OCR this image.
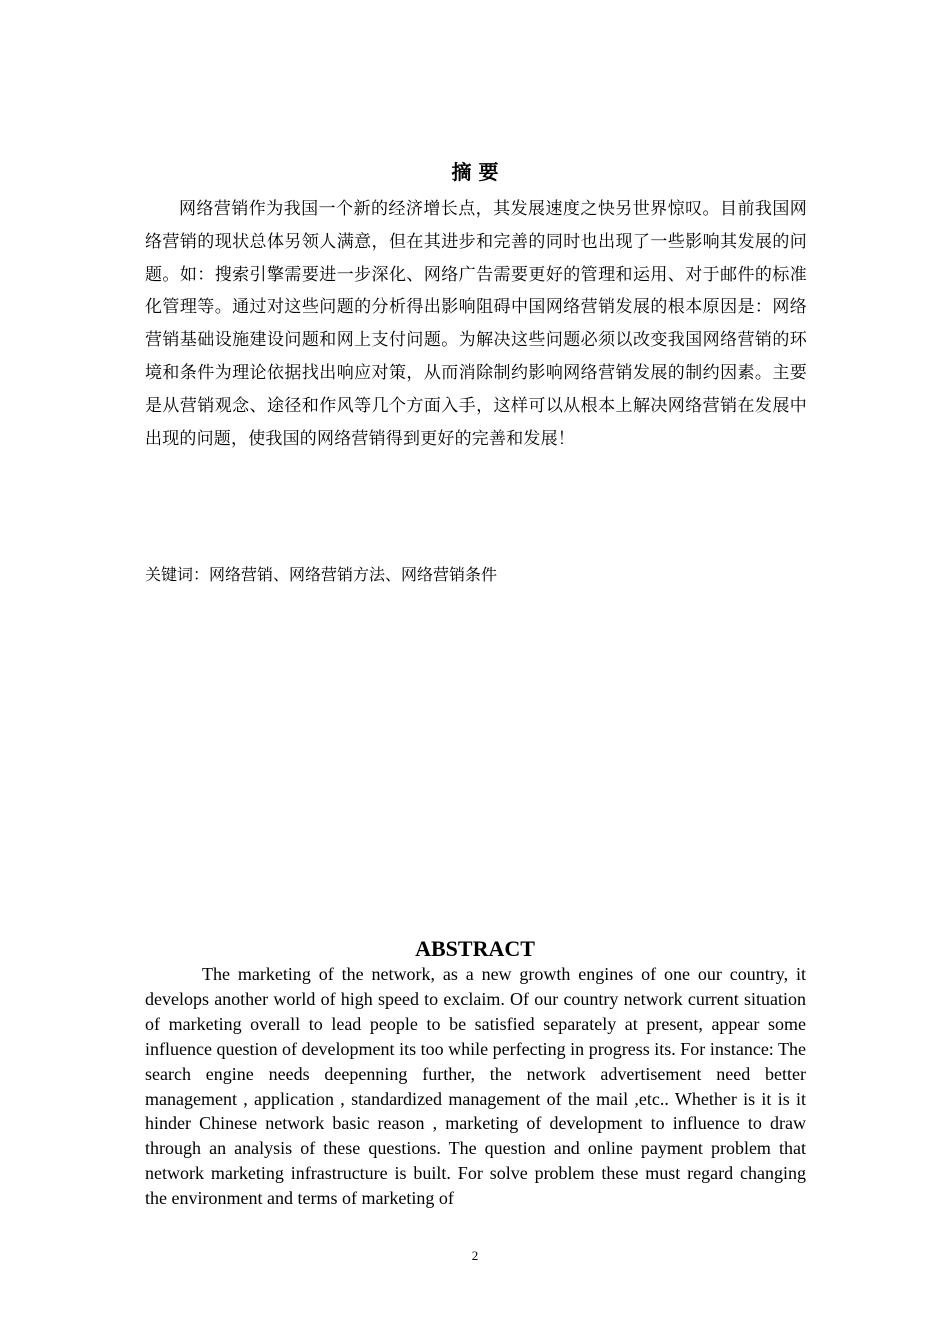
摘 要

网络营销作为我国一个新的经济增长点，其发展速度之快另世界惊叹。目前我国网络营销的现状总体另领人满意，但在其进步和完善的同时也出现了一些影响其发展的问题。如：搜索引擎需要进一步深化、网络广告需要更好的管理和运用、对于邮件的标准化管理等。通过对这些问题的分析得出影响阻碍中国网络营销发展的根本原因是：网络营销基础设施建设问题和网上支付问题。为解决这些问题必须以改变我国网络营销的环境和条件为理论依据找出响应对策，从而消除制约影响网络营销发展的制约因素。主要是从营销观念、途径和作风等几个方面入手，这样可以从根本上解决网络营销在发展中出现的问题，使我国的网络营销得到更好的完善和发展！

关键词：网络营销、网络营销方法、网络营销条件

ABSTRACT

The marketing of the network, as a new growth engines of one our country, it develops another world of high speed to exclaim. Of our country network current situation of marketing overall to lead people to be satisfied separately at present, appear some influence question of development its too while perfecting in progress its. For instance: The search engine needs deepenning further, the network advertisement need better management , application , standardized management of the mail ,etc.. Whether is it is it hinder Chinese network basic reason , marketing of development to influence to draw through an analysis of these questions. The question and online payment problem that network marketing infrastructure is built. For solve problem these must regard changing the environment and terms of marketing of

2
